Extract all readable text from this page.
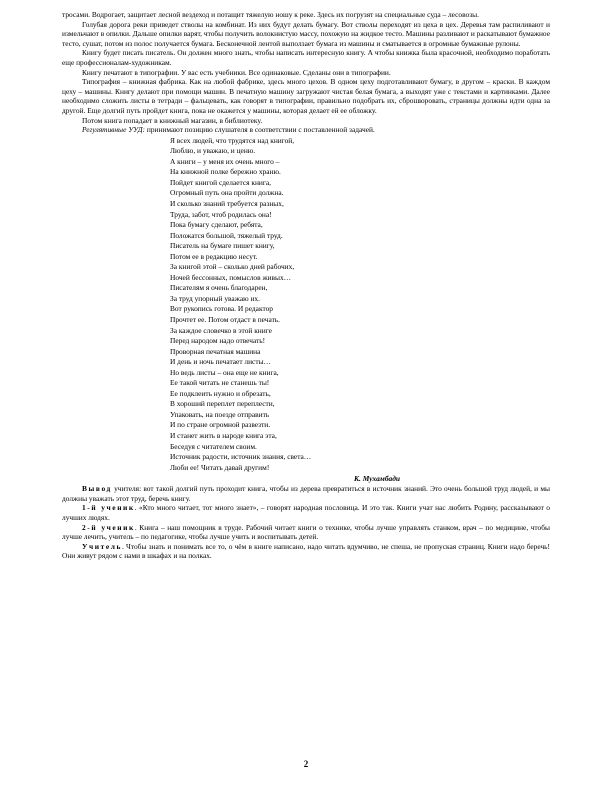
тросами. Водрогает, защитает лесной вездеход и потащит тяжелую ношу к реке. Здесь их погрузят на специальные суда – лесовозы.

Голубая дорога реки приведет стволы на комбинат. Из них будут делать бумагу. Вот стволы переходят из цеха в цех. Деревья там распиливают и измельчают в опилки. Дальше опилки варят, чтобы получить волокнистую массу, похожую на жидкое тесто. Машины разливают и раскатывают бумажное тесто, сушат, потом из полос получается бумага. Бесконечной лентой выползает бумага из машины и сматывается в огромные бумажные рулоны.

Книгу будет писать писатель. Он должен много знать, чтобы написать интересную книгу. А чтобы книжка была красочной, необходимо поработать еще профессионалам-художникам.

Книгу печатают в типографии. У вас есть учебники. Все одинаковые. Сделаны они в типографии.

Типография – книжная фабрика. Как на любой фабрике, здесь много цехов. В одном цеху подготавливают бумагу, в другом – краски. В каждом цеху – машины. Книгу делают при помощи машин. В печатную машину загружают чистая белая бумага, а выходят уже с текстами и картинками. Далее необходимо сложить листы в тетради – фальцевать, как говорят в типографии, правильно подобрать их, сброшюровать, страницы должны идти одна за другой. Еще долгий путь пройдет книга, пока не окажется у машины, которая делает ей ее обложку.

Потом книга попадает в книжный магазин, в библиотеку.

Регулятивные УУД: принимают позицию слушателя в соответствии с поставленной задачей.

Я всех людей, что трудятся над книгой,
Люблю, и уважаю, и ценю.
А книги – у меня их очень много –
На книжной полке бережно храню.
Пойдет книгой сделается книга,
Огромный путь она пройти должна.
И сколько знаний требуется разных,
Труда, забот, чтоб родилась она!
Пока бумагу сделают, ребята,
Положатся большой, тяжелый труд.
Писатель на бумаге пишет книгу,
Потом ее в редакцию несут.
За книгой этой – сколько дней рабочих,
Ночей бессонных, помыслов живых…
Писателям я очень благодарен,
За труд упорный уважаю их.
Вот рукопись готова. И редактор
Прочтет ее. Потом отдаст в печать.
За каждое словечко в этой книге
Перед народом надо отвечать!
Проворная печатная машина
И день и ночь печатает листы…
Но ведь листы – она еще не книга,
Ее такой читать не станешь ты!
Ее подклеить нужно и обрезать,
В хороший переплет переплести,
Упаковать, на поезде отправить
И по стране огромной развезти.
И станет жить в народе книга эта,
Беседуя с читателем своим.
Источник радости, источник знания, света…
Люби ее! Читать давай другим!
К. Мухамбади

Вывод учителя: вот такой долгий путь проходит книга, чтобы из дерева превратиться в источник знаний. Это очень большой труд людей, и мы должны уважать этот труд, беречь книгу.

1-й ученик. «Кто много читает, тот много знает», – говорят народная пословица. И это так. Книги учат нас любить Родину, рассказывают о лучших людях.

2-й ученик. Книга – наш помощник в труде. Рабочий читает книги о технике, чтобы лучше управлять станком, врач – по медицине, чтобы лучше лечить, учитель – по педагогике, чтобы лучше учить и воспитывать детей.

Учитель. Чтобы знать и понимать все то, о чём в книге написано, надо читать вдумчиво, не спеша, не пропуская страниц. Книги надо беречь! Они живут рядом с нами в шкафах и на полках.

2
